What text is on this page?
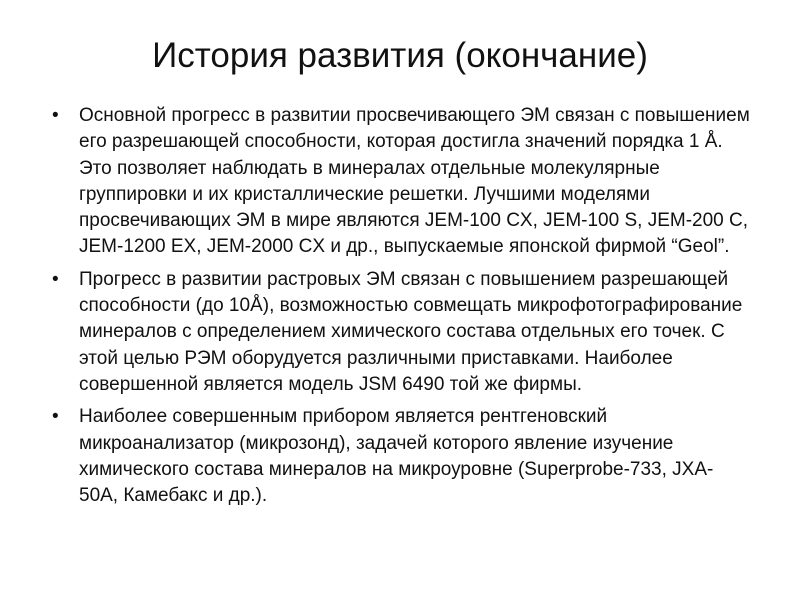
История развития (окончание)
•	Основной прогресс в развитии просвечивающего ЭМ связан с повышением его разрешающей способности, которая достигла значений порядка 1 Å. Это позволяет наблюдать в минералах отдельные молекулярные группировки и их кристаллические решетки. Лучшими моделями просвечивающих ЭМ в мире являются JEM-100 CX, JEM-100 S, JEM-200 C, JEM-1200 EX, JEM-2000 CX и др., выпускаемые японской фирмой “Geol”.
•	Прогресс в развитии растровых ЭМ связан с повышением разрешающей способности (до 10Å), возможностью совмещать микрофотографирование минералов с определением химического состава отдельных его точек. С этой целью РЭМ оборудуется различными приставками. Наиболее совершенной является модель JSM 6490 той же фирмы.
•	Наиболее совершенным прибором является рентгеновский микроанализатор (микрозонд), задачей которого явление изучение химического состава минералов на микроуровне (Superprobe-733, JXA-50A, Камебакс и др.).
